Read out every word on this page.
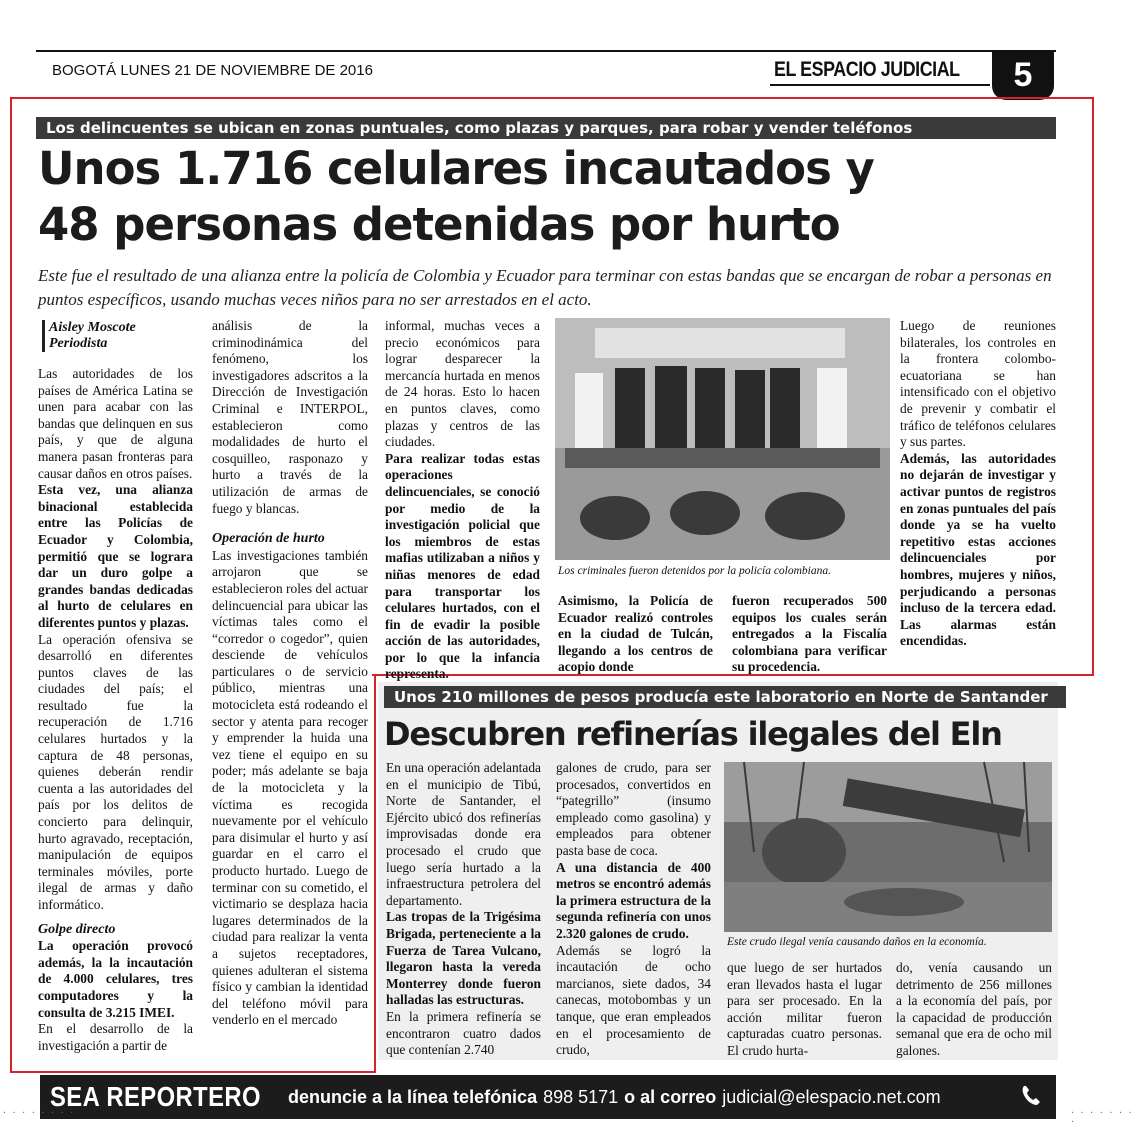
BOGOTÁ LUNES 21 DE NOVIEMBRE DE 2016	EL ESPACIO JUDICIAL	5
Los delincuentes se ubican en zonas puntuales, como plazas y parques, para robar y vender teléfonos
Unos 1.716 celulares incautados y
48 personas detenidas por hurto
Este fue el resultado de una alianza entre la policía de Colombia y Ecuador para terminar con estas bandas que se encargan de robar a personas en puntos específicos, usando muchas veces niños para no ser arrestados en el acto.
Aisley Moscote
Periodista

Las autoridades de los países de América Latina se unen para acabar con las bandas que delinquen en sus país, y que de alguna manera pasan fronteras para causar daños en otros países.

Esta vez, una alianza binacional establecida entre las Policías de Ecuador y Colombia, permitió que se lograra dar un duro golpe a grandes bandas dedicadas al hurto de celulares en diferentes puntos y plazas.

La operación ofensiva se desarrolló en diferentes puntos claves de las ciudades del país; el resultado fue la recuperación de 1.716 celulares hurtados y la captura de 48 personas, quienes deberán rendir cuenta a las autoridades del país por los delitos de concierto para delinquir, hurto agravado, receptación, manipulación de equipos terminales móviles, porte ilegal de armas y daño informático.

Golpe directo

La operación provocó además, la la incautación de 4.000 celulares, tres computadores y la consulta de 3.215 IMEI.

En el desarrollo de la investigación a partir de

análisis de la criminodinámica del fenómeno, los investigadores adscritos a la Dirección de Investigación Criminal e INTERPOL, establecieron como modalidades de hurto el cosquilleo, rasponazo y hurto a través de la utilización de armas de fuego y blancas.

Operación de hurto

Las investigaciones también arrojaron que se establecieron roles del actuar delincuencial para ubicar las víctimas tales como el “corredor o cogedor”, quien desciende de vehículos particulares o de servicio público, mientras una motocicleta está rodeando el sector y atenta para recoger y emprender la huida una vez tiene el equipo en su poder; más adelante se baja de la motocicleta y la víctima es recogida nuevamente por el vehículo para disimular el hurto y así guardar en el carro el producto hurtado. Luego de terminar con su cometido, el victimario se desplaza hacia lugares determinados de la ciudad para realizar la venta a sujetos receptadores, quienes adulteran el sistema físico y cambian la identidad del teléfono móvil para venderlo en el mercado

informal, muchas veces a precio económicos para lograr desparecer la mercancía hurtada en menos de 24 horas. Esto lo hacen en puntos claves, como plazas y centros de las ciudades.

Para realizar todas estas operaciones delincuenciales, se conoció por medio de la investigación policial que los miembros de estas mafias utilizaban a niños y niñas menores de edad para transportar los celulares hurtados, con el fin de evadir la posible acción de las autoridades, por lo que la infancia representa.

Los criminales fueron detenidos por la policía colombiana.

Asimismo, la Policía de Ecuador realizó controles en la ciudad de Tulcán, llegando a los centros de acopio donde

fueron recuperados 500 equipos los cuales serán entregados a la Fiscalía colombiana para verificar su procedencia.

Luego de reuniones bilaterales, los controles en la frontera colombo-ecuatoriana se han intensificado con el objetivo de prevenir y combatir el tráfico de teléfonos celulares y sus partes.

Además, las autoridades no dejarán de investigar y activar puntos de registros en zonas puntuales del país donde ya se ha vuelto repetitivo estas acciones delincuenciales por hombres, mujeres y niños, perjudicando a personas incluso de la tercera edad. Las alarmas están encendidas.

Unos 210 millones de pesos producía este laboratorio en Norte de Santander
Descubren refinerías ilegales del Eln

En una operación adelantada en el municipio de Tibú, Norte de Santander, el Ejército ubicó dos refinerías improvisadas donde era procesado el crudo que luego sería hurtado a la infraestructura petrolera del departamento.

Las tropas de la Trigésima Brigada, perteneciente a la Fuerza de Tarea Vulcano, llegaron hasta la vereda Monterrey donde fueron halladas las estructuras.

En la primera refinería se encontraron cuatro dados que contenían 2.740

galones de crudo, para ser procesados, convertidos en “pategrillo” (insumo empleado como gasolina) y empleados para obtener pasta base de coca.

A una distancia de 400 metros se encontró además la primera estructura de la segunda refinería con unos 2.320 galones de crudo.

Además se logró la incautación de ocho marcianos, siete dados, 34 canecas, motobombas y un tanque, que eran empleados en el procesamiento de crudo,

Este crudo ilegal venía causando daños en la economía.

que luego de ser hurtados eran llevados hasta el lugar para ser procesado. En la acción militar fueron capturadas cuatro personas. El crudo hurta-

do, venía causando un detrimento de 256 millones a la economía del país, por la capacidad de producción semanal que era de ocho mil galones.

SEA REPORTERO denuncie a la línea telefónica 898 5171 o al correo judicial@elespacio.net.com
· · · · · · · ·	· · · · · · · ·
